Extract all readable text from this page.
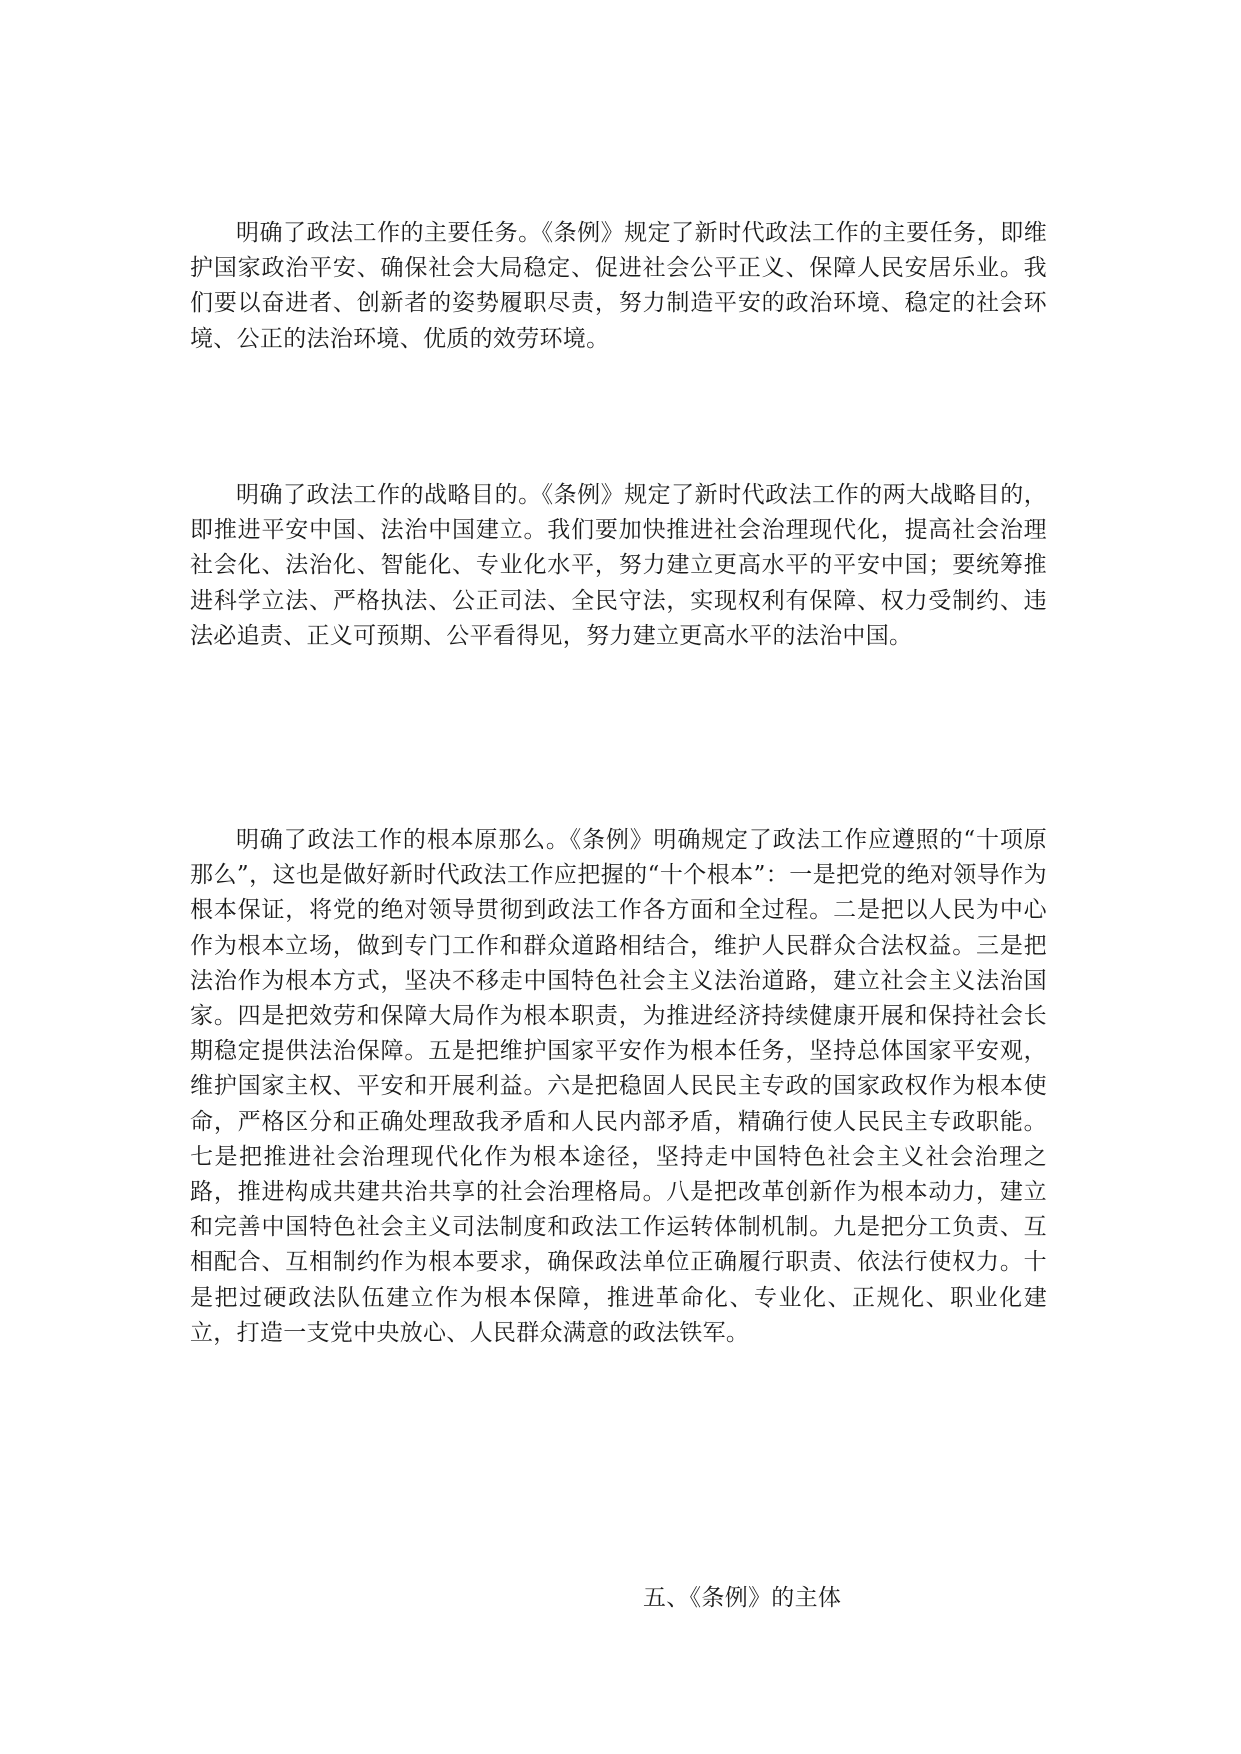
明确了政法工作的主要任务。《条例》规定了新时代政法工作的主要任务，即维护国家政治平安、确保社会大局稳定、促进社会公平正义、保障人民安居乐业。我们要以奋进者、创新者的姿势履职尽责，努力制造平安的政治环境、稳定的社会环境、公正的法治环境、优质的效劳环境。

明确了政法工作的战略目的。《条例》规定了新时代政法工作的两大战略目的，即推进平安中国、法治中国建立。我们要加快推进社会治理现代化，提高社会治理社会化、法治化、智能化、专业化水平，努力建立更高水平的平安中国；要统筹推进科学立法、严格执法、公正司法、全民守法，实现权利有保障、权力受制约、违法必追责、正义可预期、公平看得见，努力建立更高水平的法治中国。

明确了政法工作的根本原那么。《条例》明确规定了政法工作应遵照的“十项原那么”，这也是做好新时代政法工作应把握的“十个根本”：一是把党的绝对领导作为根本保证，将党的绝对领导贯彻到政法工作各方面和全过程。二是把以人民为中心作为根本立场，做到专门工作和群众道路相结合，维护人民群众合法权益。三是把法治作为根本方式，坚决不移走中国特色社会主义法治道路，建立社会主义法治国家。四是把效劳和保障大局作为根本职责，为推进经济持续健康开展和保持社会长期稳定提供法治保障。五是把维护国家平安作为根本任务，坚持总体国家平安观，维护国家主权、平安和开展利益。六是把稳固人民民主专政的国家政权作为根本使命，严格区分和正确处理敌我矛盾和人民内部矛盾，精确行使人民民主专政职能。七是把推进社会治理现代化作为根本途径，坚持走中国特色社会主义社会治理之路，推进构成共建共治共享的社会治理格局。八是把改革创新作为根本动力，建立和完善中国特色社会主义司法制度和政法工作运转体制机制。九是把分工负责、互相配合、互相制约作为根本要求，确保政法单位正确履行职责、依法行使权力。十是把过硬政法队伍建立作为根本保障，推进革命化、专业化、正规化、职业化建立，打造一支党中央放心、人民群众满意的政法铁军。

五、《条例》的主体
